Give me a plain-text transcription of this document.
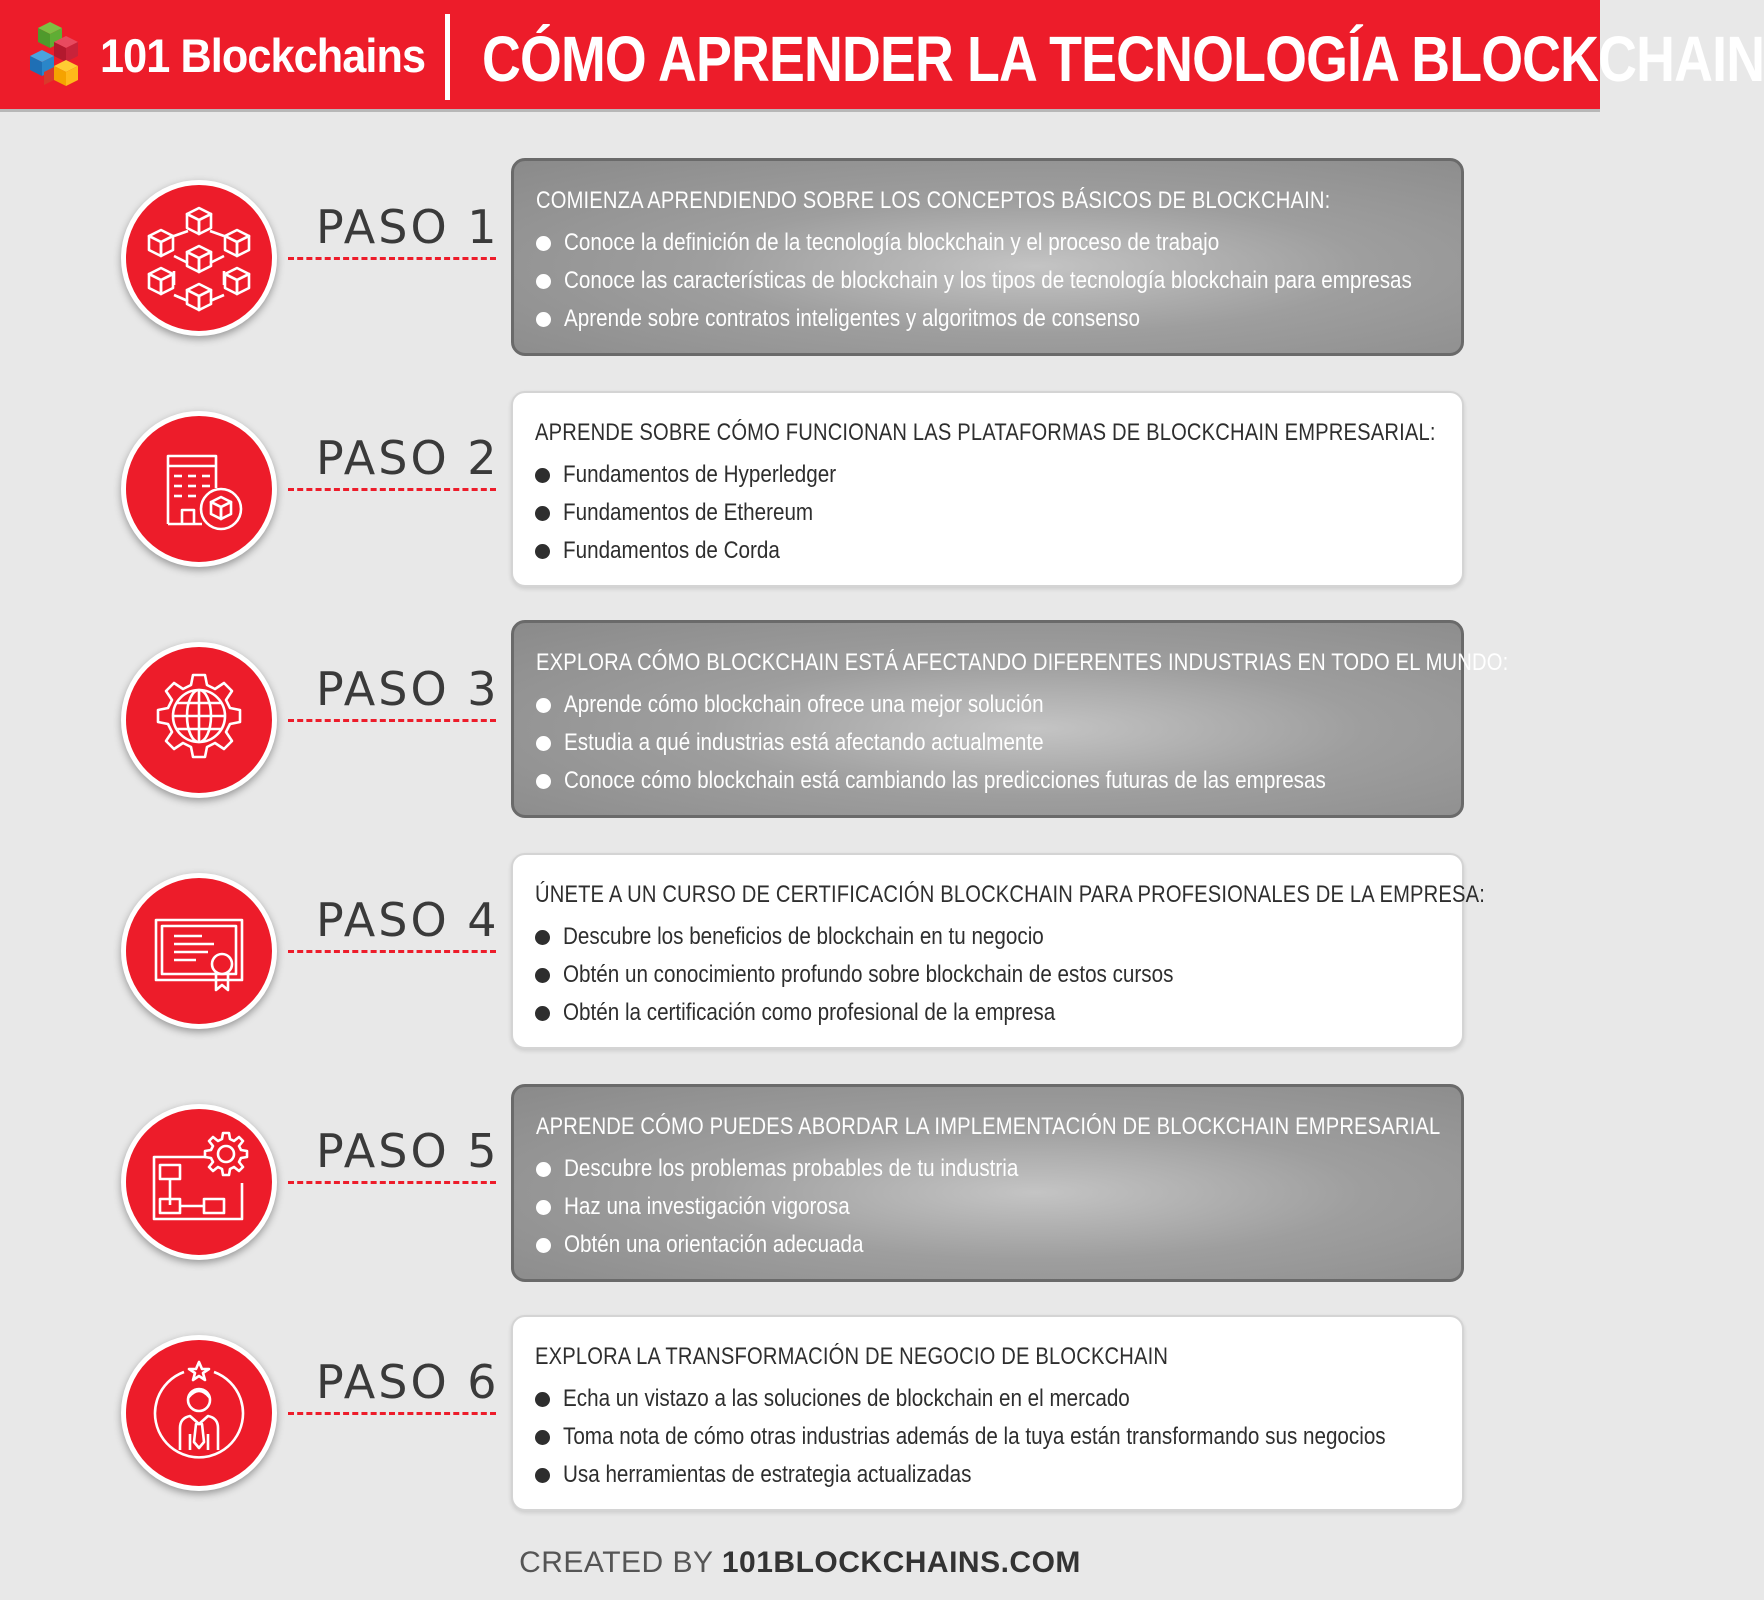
101 Blockchains CÓMO APRENDER LA TECNOLOGÍA BLOCKCHAIN
PASO 1 COMIENZA APRENDIENDO SOBRE LOS CONCEPTOS BÁSICOS DE BLOCKCHAIN:
Conoce la definición de la tecnología blockchain y el proceso de trabajo
Conoce las características de blockchain y los tipos de tecnología blockchain para empresas
Aprende sobre contratos inteligentes y algoritmos de consenso
PASO 2 APRENDE SOBRE CÓMO FUNCIONAN LAS PLATAFORMAS DE BLOCKCHAIN EMPRESARIAL:
Fundamentos de Hyperledger
Fundamentos de Ethereum
Fundamentos de Corda
PASO 3 EXPLORA CÓMO BLOCKCHAIN ESTÁ AFECTANDO DIFERENTES INDUSTRIAS EN TODO EL MUNDO:
Aprende cómo blockchain ofrece una mejor solución
Estudia a qué industrias está afectando actualmente
Conoce cómo blockchain está cambiando las predicciones futuras de las empresas
PASO 4 ÚNETE A UN CURSO DE CERTIFICACIÓN BLOCKCHAIN PARA PROFESIONALES DE LA EMPRESA:
Descubre los beneficios de blockchain en tu negocio
Obtén un conocimiento profundo sobre blockchain de estos cursos
Obtén la certificación como profesional de la empresa
PASO 5 APRENDE CÓMO PUEDES ABORDAR LA IMPLEMENTACIÓN DE BLOCKCHAIN EMPRESARIAL
Descubre los problemas probables de tu industria
Haz una investigación vigorosa
Obtén una orientación adecuada
PASO 6 EXPLORA LA TRANSFORMACIÓN DE NEGOCIO DE BLOCKCHAIN
Echa un vistazo a las soluciones de blockchain en el mercado
Toma nota de cómo otras industrias además de la tuya están transformando sus negocios
Usa herramientas de estrategia actualizadas
CREATED BY 101BLOCKCHAINS.COM
